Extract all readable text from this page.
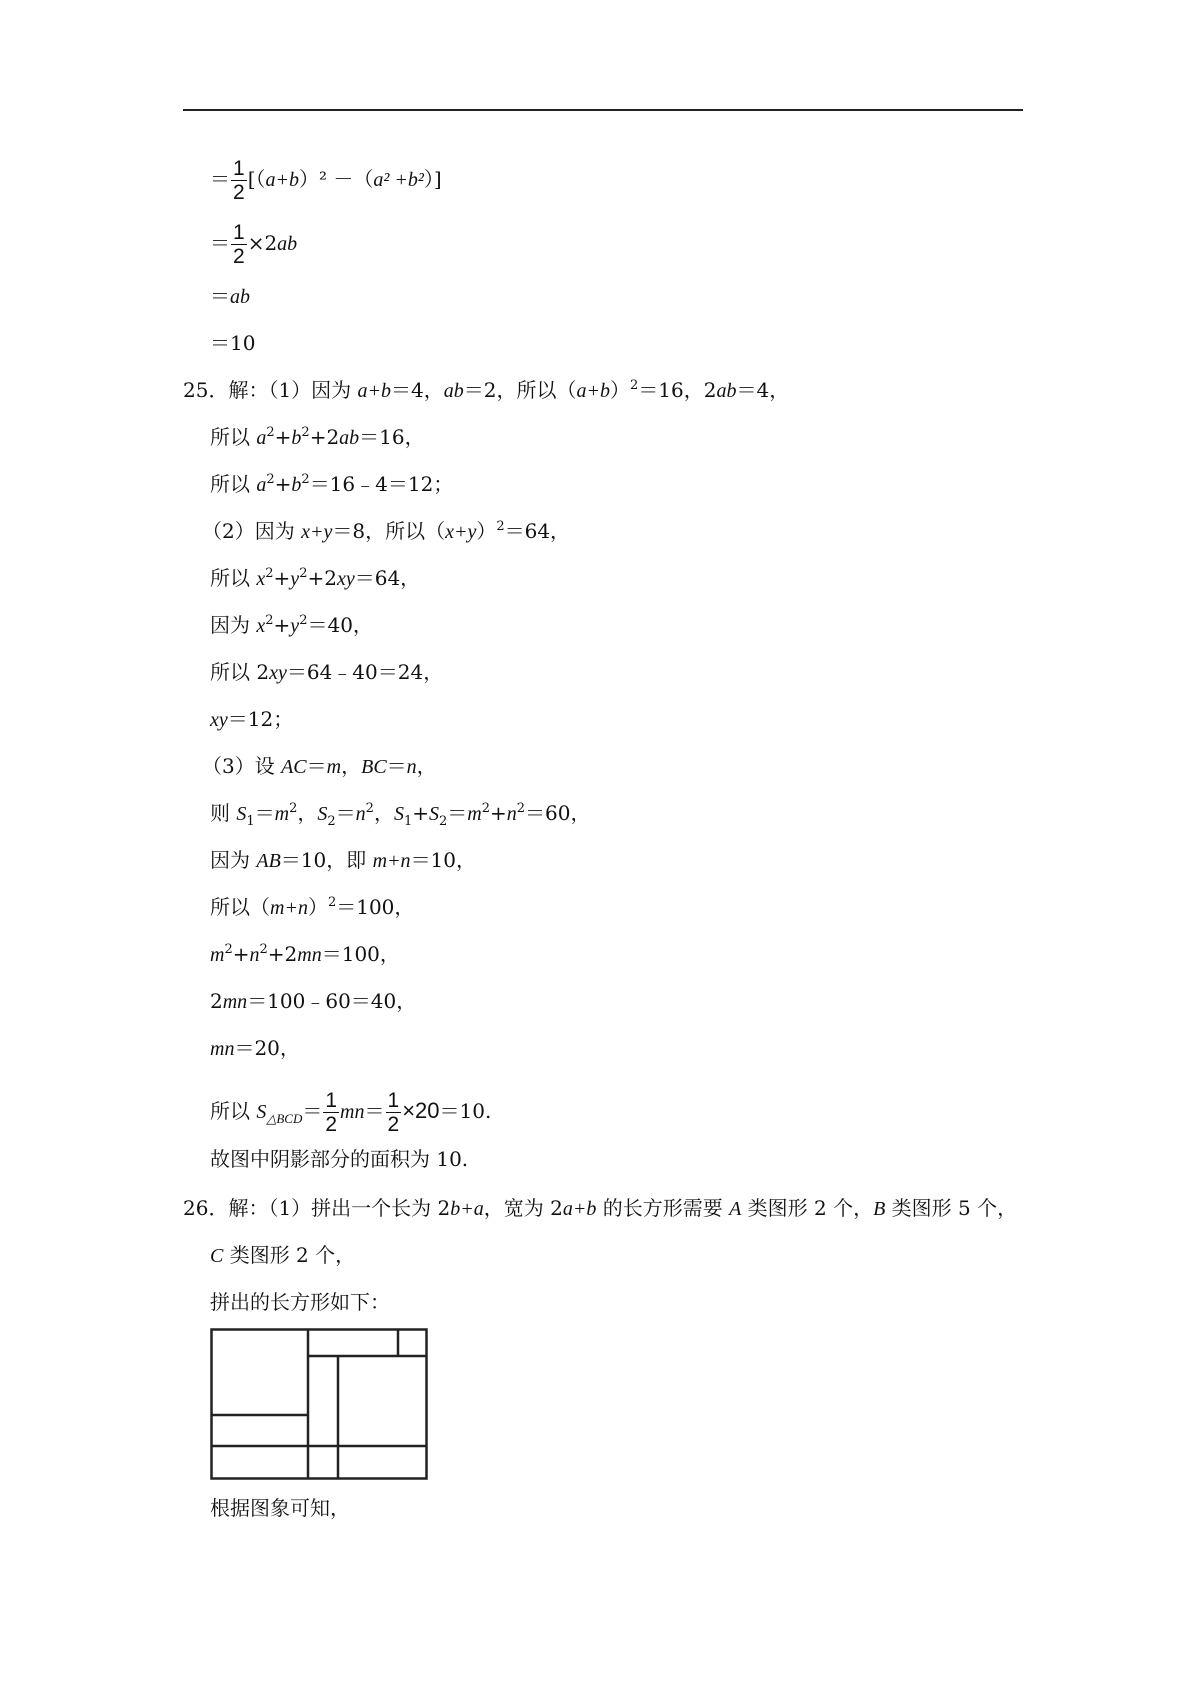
＝ $\frac{1}{2} [(a+b)^2 -(a^2 +b^2)]$
＝ $\frac{1}{2} \times 2ab$
＝ab
＝10
25．解：（1）因为 a+b＝4，ab＝2，所以$(a+b)^2=16$，2ab＝4，
所以 $a^2+b^2+2ab=16$，
所以 $a^2+b^2=16﹣4=12$；
（2）因为 x+y＝8，所以$(x+y)^2=64$，
所以 $x^2+y^2+2xy=64$，
因为 $x^2+y^2=40$，
所以 2xy＝64﹣40＝24，
xy＝12；
（3）设 AC＝m，BC＝n，
则 $S_1=m^2$，$S_2=n^2$，$S_1+S_2=m^2+n^2=60$，
因为 AB＝10，即 m+n＝10，
所以$(m+n)^2=100$，
$m^2+n^2+2mn=100$，
2mn＝100﹣60＝40，
mn＝20，
所以 $S_{\triangle BCD}= \frac{1}{2} mn= \frac{1}{2} \times 20=10$.
故图中阴影部分的面积为 10.
26．解：（1）拼出一个长为 2b+a，宽为 2a+b 的长方形需要 A 类图形 2 个，B 类图形 5 个，
C 类图形 2 个，
拼出的长方形如下：
根据图象可知，
